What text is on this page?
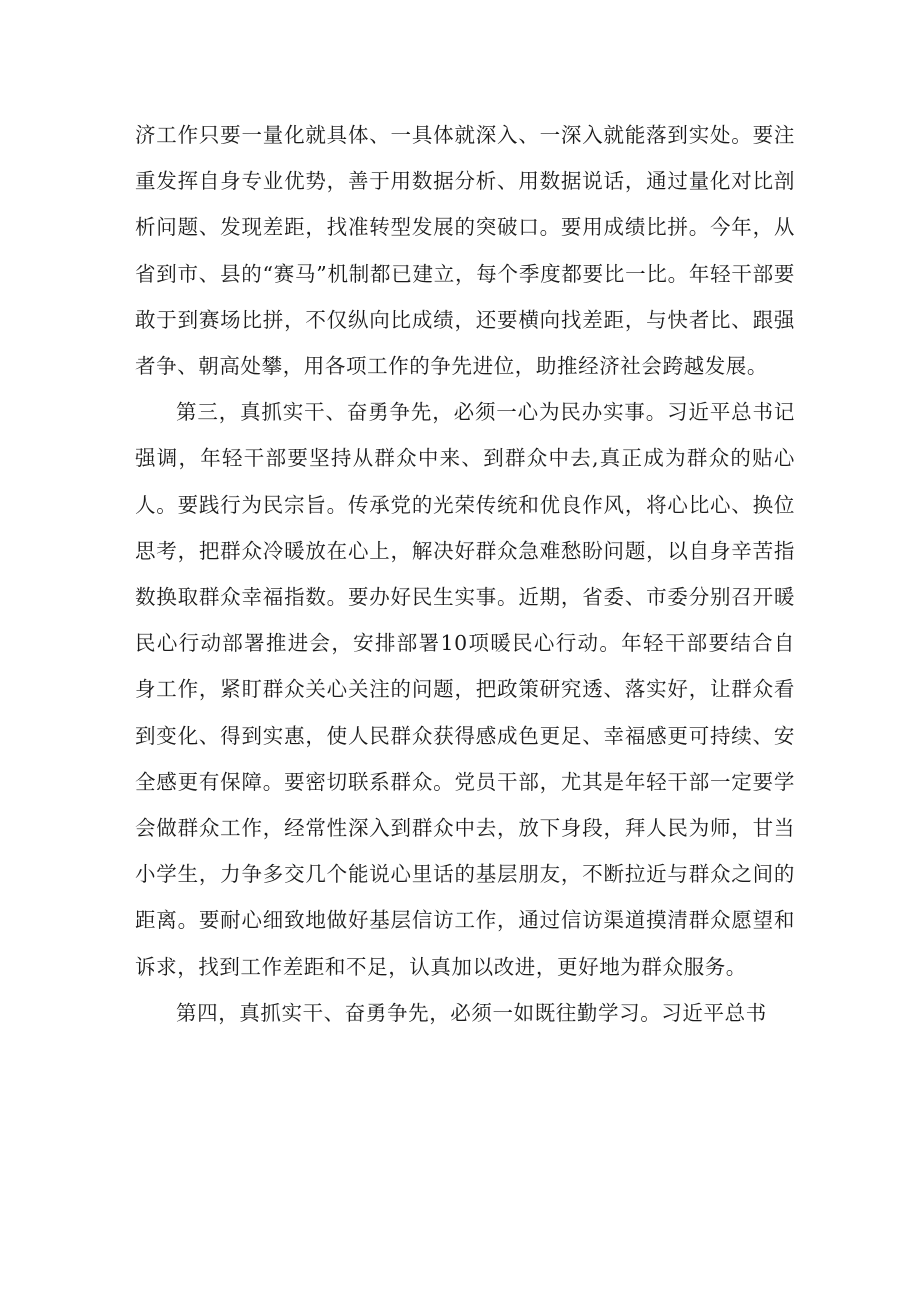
济工作只要一量化就具体、一具体就深入、一深入就能落到实处。要注重发挥自身专业优势，善于用数据分析、用数据说话，通过量化对比剖析问题、发现差距，找准转型发展的突破口。要用成绩比拼。今年，从省到市、县的“赛马”机制都已建立，每个季度都要比一比。年轻干部要敢于到赛场比拼，不仅纵向比成绩，还要横向找差距，与快者比、跟强者争、朝高处攀，用各项工作的争先进位，助推经济社会跨越发展。

第三，真抓实干、奋勇争先，必须一心为民办实事。习近平总书记强调，年轻干部要坚持从群众中来、到群众中去,真正成为群众的贴心人。要践行为民宗旨。传承党的光荣传统和优良作风，将心比心、换位思考，把群众冷暖放在心上，解决好群众急难愁盼问题，以自身辛苦指数换取群众幸福指数。要办好民生实事。近期，省委、市委分别召开暖民心行动部署推进会，安排部署10项暖民心行动。年轻干部要结合自身工作，紧盯群众关心关注的问题，把政策研究透、落实好，让群众看到变化、得到实惠，使人民群众获得感成色更足、幸福感更可持续、安全感更有保障。要密切联系群众。党员干部，尤其是年轻干部一定要学会做群众工作，经常性深入到群众中去，放下身段，拜人民为师，甘当小学生，力争多交几个能说心里话的基层朋友，不断拉近与群众之间的距离。要耐心细致地做好基层信访工作，通过信访渠道摸清群众愿望和诉求，找到工作差距和不足，认真加以改进，更好地为群众服务。

第四，真抓实干、奋勇争先，必须一如既往勤学习。习近平总书
